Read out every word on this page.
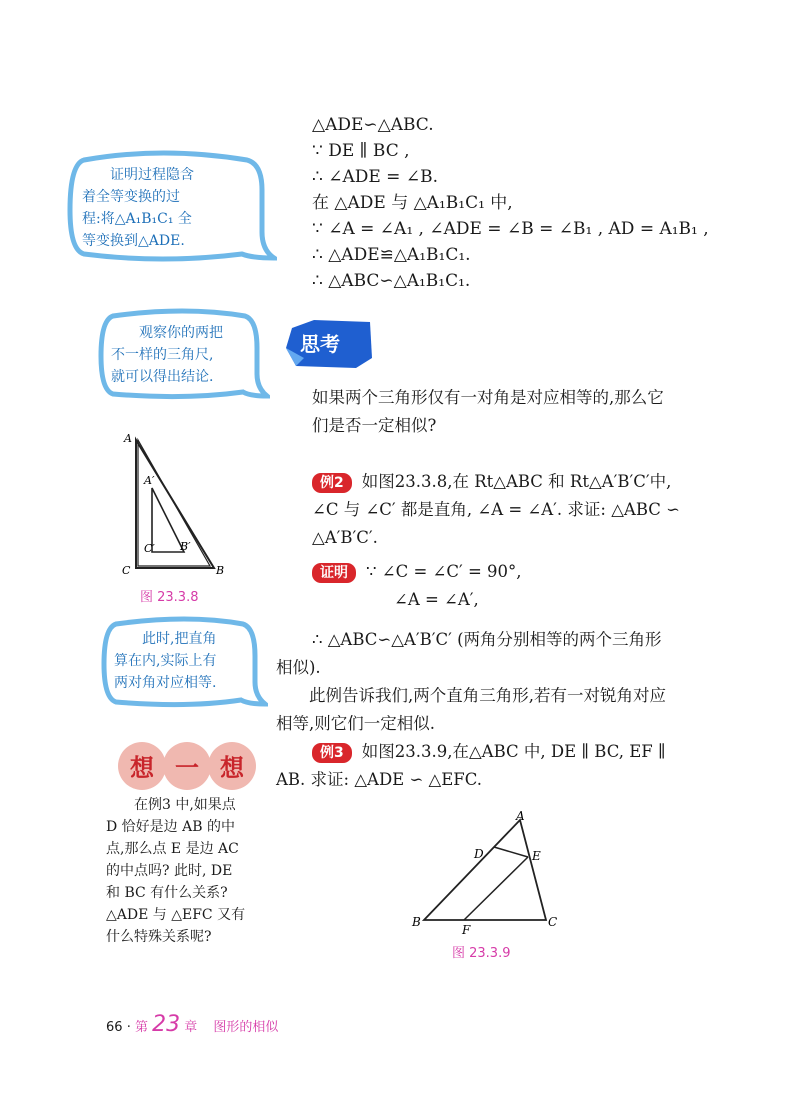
△ADE∽△ABC.
∵ DE ∥ BC ,
∴ ∠ADE = ∠B.
在 △ADE 与 △A₁B₁C₁ 中,
∵ ∠A = ∠A₁ , ∠ADE = ∠B = ∠B₁ , AD = A₁B₁ ,
∴ △ADE≌△A₁B₁C₁.
∴ △ABC∽△A₁B₁C₁.
证明过程隐含
着全等变换的过
程:将△A₁B₁C₁ 全
等变换到△ADE.
观察你的两把
不一样的三角尺,
就可以得出结论.
思考
如果两个三角形仅有一对角是对应相等的,那么它
们是否一定相似?
A
A′
C′ B′
C	B
图 23.3.8
例2 如图23.3.8,在 Rt△ABC 和 Rt△A′B′C′中,
∠C 与 ∠C′ 都是直角, ∠A = ∠A′. 求证: △ABC ∽
△A′B′C′.
证明 ∵ ∠C = ∠C′ = 90°,
∠A = ∠A′,
此时,把直角
算在内,实际上有
两对角对应相等.
∴ △ABC∽△A′B′C′ (两角分别相等的两个三角形
相似).
此例告诉我们,两个直角三角形,若有一对锐角对应
相等,则它们一定相似.
例3 如图23.3.9,在△ABC 中, DE ∥ BC, EF ∥
AB. 求证: △ADE ∽ △EFC.
想 一 想
在例3 中,如果点
D 恰好是边 AB 的中
点,那么点 E 是边 AC
的中点吗? 此时, DE
和 BC 有什么关系?
△ADE 与 △EFC 又有
什么特殊关系呢?
A
D	E
B
F
C
图 23.3.9
66 · 第 23 章 图形的相似
